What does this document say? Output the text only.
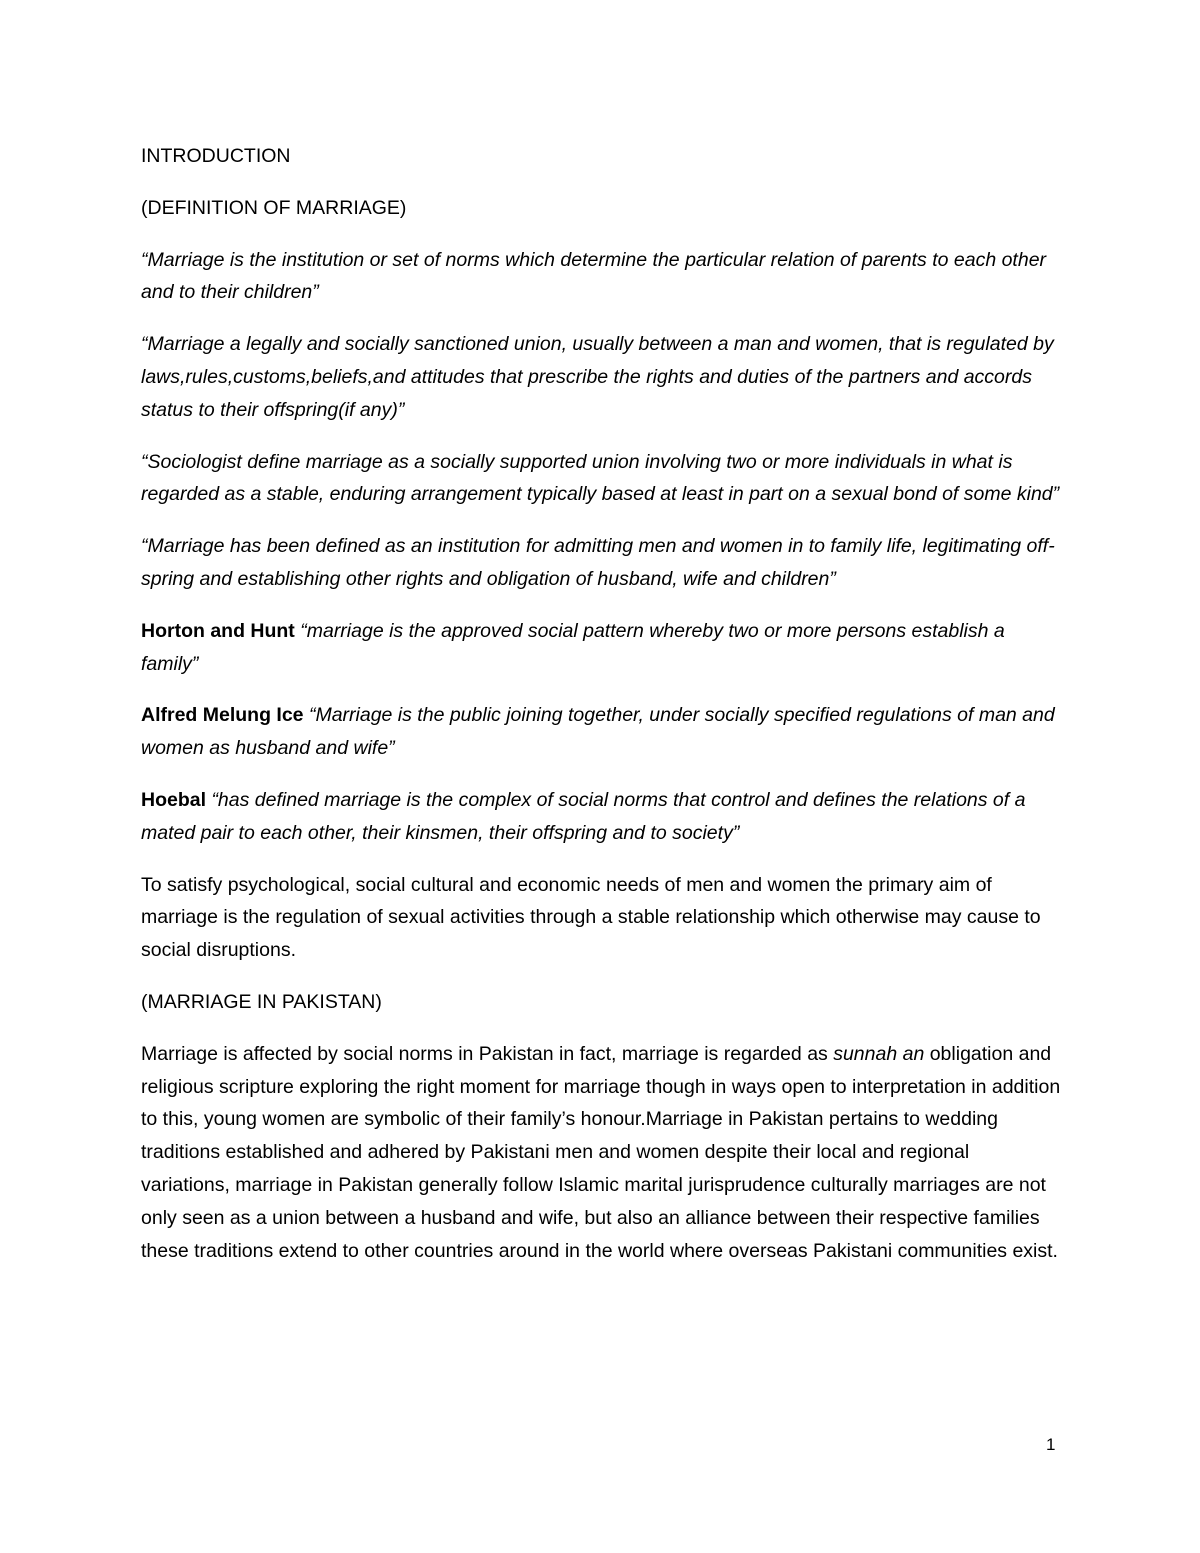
INTRODUCTION
(DEFINITION OF MARRIAGE)
“Marriage is the institution or set of norms which determine the particular relation of parents to each other and to their children”
“Marriage a legally and socially sanctioned union, usually between a man and women, that is regulated by laws,rules,customs,beliefs,and attitudes that prescribe the rights and duties of the partners and accords status to their offspring(if any)”
“Sociologist define marriage as a socially supported union involving two or more individuals in what is regarded as a stable, enduring arrangement typically based at least in part on a sexual bond of some kind”
“Marriage has been defined as an institution for admitting men and women in to family life, legitimating off-spring and establishing other rights and obligation of husband, wife and children”
Horton and Hunt “marriage is the approved social pattern whereby two or more persons establish a family”
Alfred Melung Ice “Marriage is the public joining together, under socially specified regulations of man and women as husband and wife”
Hoebal “has defined marriage is the complex of social norms that control and defines the relations of a mated pair to each other, their kinsmen, their offspring and to society”
To satisfy psychological, social cultural and economic needs of men and women the primary aim of marriage is the regulation of sexual activities through a stable relationship which otherwise may cause to social disruptions.
(MARRIAGE IN PAKISTAN)
Marriage is affected by social norms in Pakistan in fact, marriage is regarded as sunnah an obligation and religious scripture exploring the right moment for marriage though in ways open to interpretation in addition to this, young women are symbolic of their family’s honour.Marriage in Pakistan pertains to wedding traditions established and adhered by Pakistani men and women despite their local and regional variations, marriage in Pakistan generally follow Islamic marital jurisprudence culturally marriages are not only seen as a union between a husband and wife, but also an alliance between their respective families these traditions extend to other countries around in the world where overseas Pakistani communities exist.
1
